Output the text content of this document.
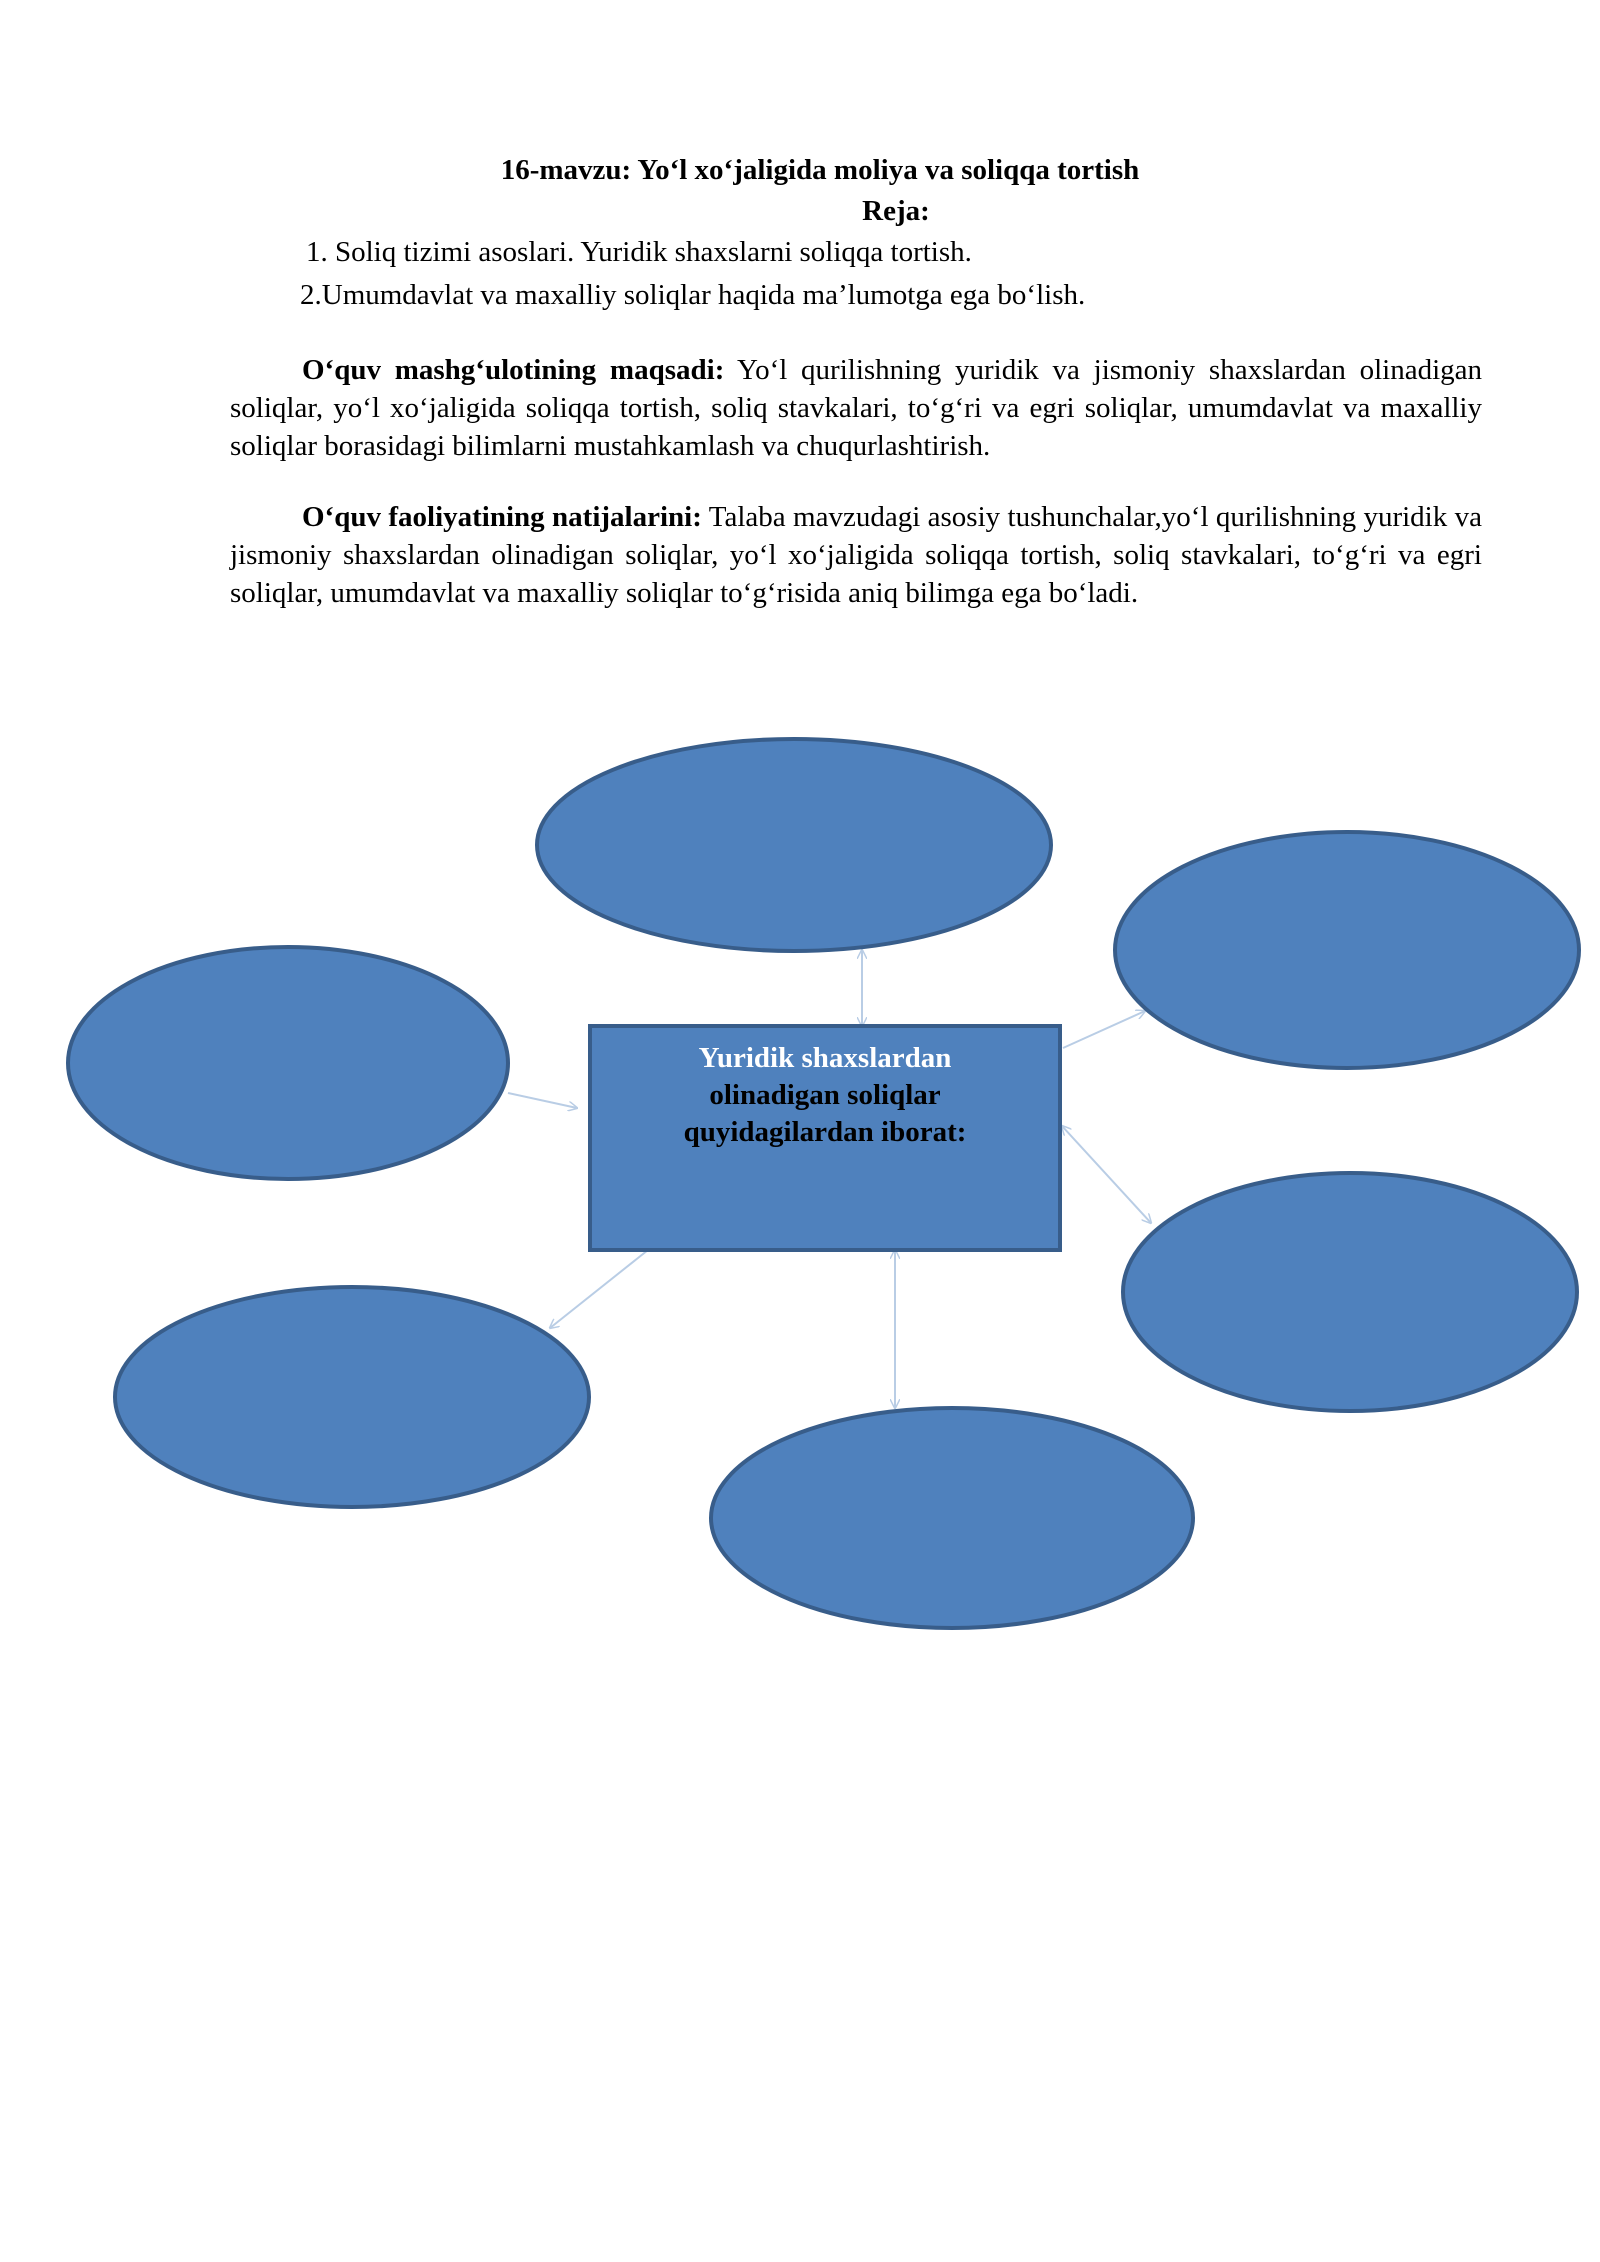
16-mavzu: Yo‘l xo‘jaligida moliya va soliqqa tortish
Reja:
1. Soliq tizimi asoslari. Yuridik shaxslarni soliqqa tortish.
2.Umumdavlat va maxalliy soliqlar haqida ma’lumotga ega bo‘lish.
O‘quv mashg‘ulotining maqsadi: Yo‘l qurilishning yuridik va jismoniy shaxslardan olinadigan soliqlar, yo‘l xo‘jaligida soliqqa tortish, soliq stavkalari, to‘g‘ri va egri soliqlar, umumdavlat va maxalliy soliqlar borasidagi bilimlarni mustahkamlash va chuqurlashtirish.
O‘quv faoliyatining natijalarini: Talaba mavzudagi asosiy tushunchalar,yo‘l qurilishning yuridik va jismoniy shaxslardan olinadigan soliqlar, yo‘l xo‘jaligida soliqqa tortish, soliq stavkalari, to‘g‘ri va egri soliqlar, umumdavlat va maxalliy soliqlar to‘g‘risida aniq bilimga ega bo‘ladi.
Yuridik shaxslardan
olinadigan soliqlar
quyidagilardan iborat:
